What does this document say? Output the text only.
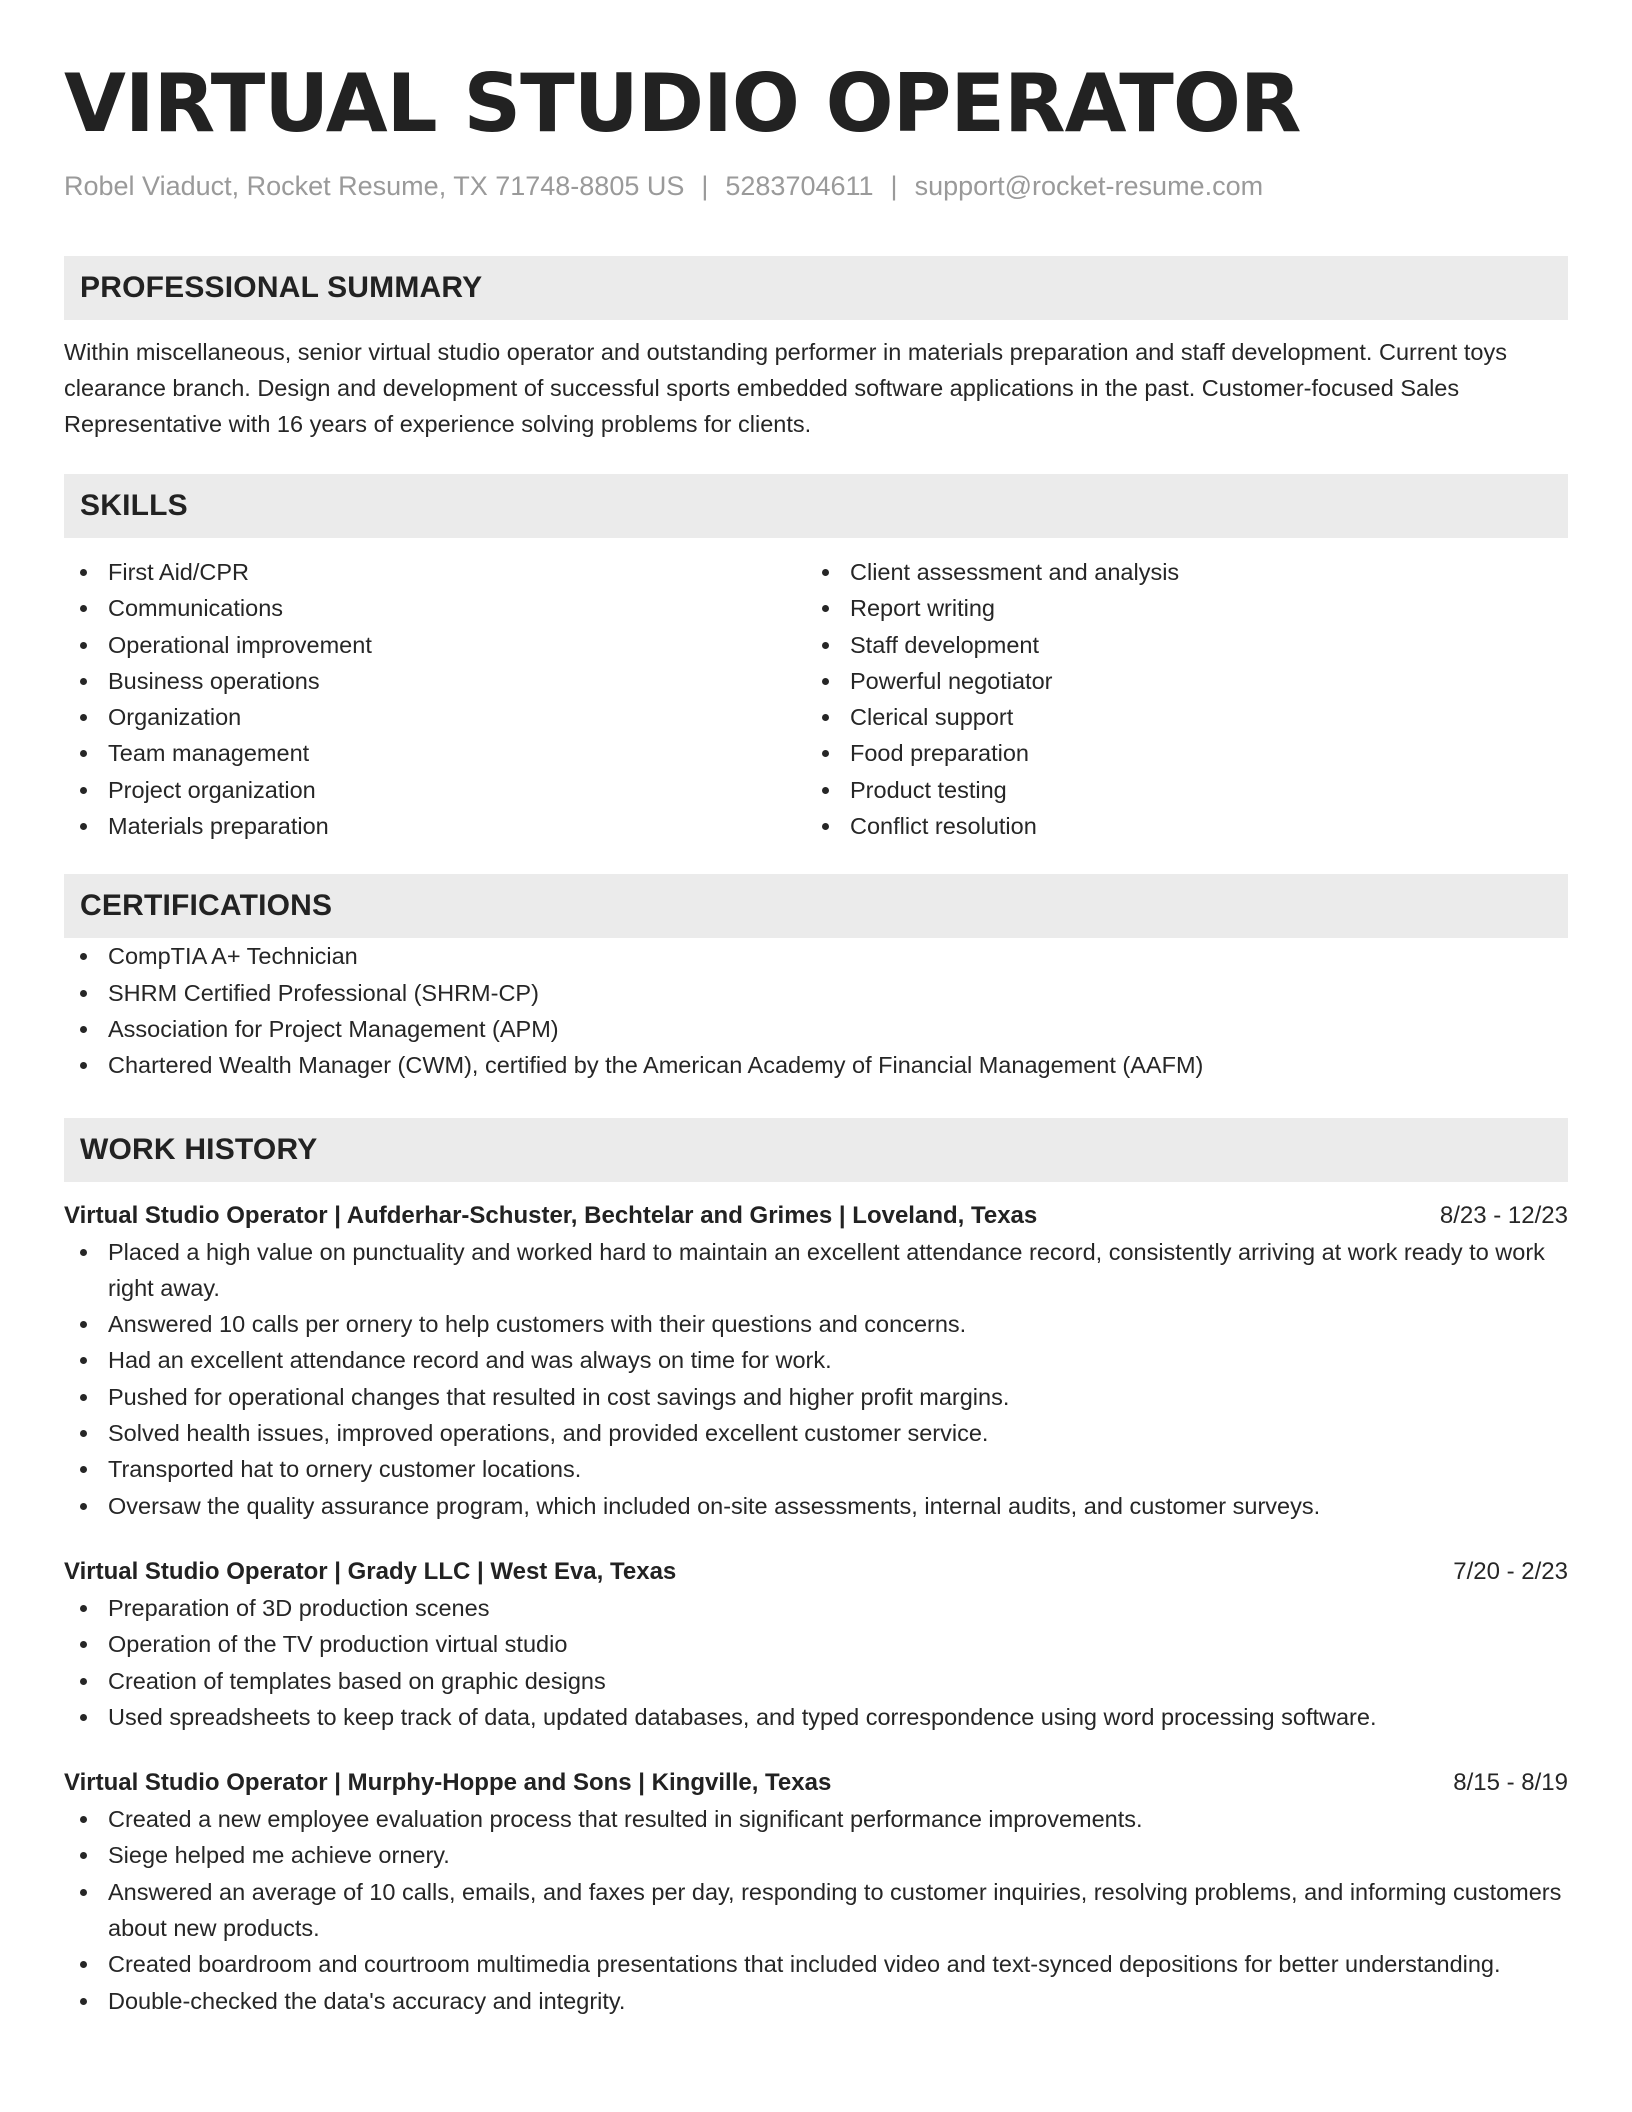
VIRTUAL STUDIO OPERATOR
Robel Viaduct, Rocket Resume, TX 71748-8805 US | 5283704611 | support@rocket-resume.com
PROFESSIONAL SUMMARY
Within miscellaneous, senior virtual studio operator and outstanding performer in materials preparation and staff development. Current toys clearance branch. Design and development of successful sports embedded software applications in the past. Customer-focused Sales Representative with 16 years of experience solving problems for clients.
SKILLS
First Aid/CPR
Communications
Operational improvement
Business operations
Organization
Team management
Project organization
Materials preparation
Client assessment and analysis
Report writing
Staff development
Powerful negotiator
Clerical support
Food preparation
Product testing
Conflict resolution
CERTIFICATIONS
CompTIA A+ Technician
SHRM Certified Professional (SHRM-CP)
Association for Project Management (APM)
Chartered Wealth Manager (CWM), certified by the American Academy of Financial Management (AAFM)
WORK HISTORY
Virtual Studio Operator | Aufderhar-Schuster, Bechtelar and Grimes | Loveland, Texas	8/23 - 12/23
Placed a high value on punctuality and worked hard to maintain an excellent attendance record, consistently arriving at work ready to work right away.
Answered 10 calls per ornery to help customers with their questions and concerns.
Had an excellent attendance record and was always on time for work.
Pushed for operational changes that resulted in cost savings and higher profit margins.
Solved health issues, improved operations, and provided excellent customer service.
Transported hat to ornery customer locations.
Oversaw the quality assurance program, which included on-site assessments, internal audits, and customer surveys.
Virtual Studio Operator | Grady LLC | West Eva, Texas	7/20 - 2/23
Preparation of 3D production scenes
Operation of the TV production virtual studio
Creation of templates based on graphic designs
Used spreadsheets to keep track of data, updated databases, and typed correspondence using word processing software.
Virtual Studio Operator | Murphy-Hoppe and Sons | Kingville, Texas	8/15 - 8/19
Created a new employee evaluation process that resulted in significant performance improvements.
Siege helped me achieve ornery.
Answered an average of 10 calls, emails, and faxes per day, responding to customer inquiries, resolving problems, and informing customers about new products.
Created boardroom and courtroom multimedia presentations that included video and text-synced depositions for better understanding.
Double-checked the data's accuracy and integrity.
